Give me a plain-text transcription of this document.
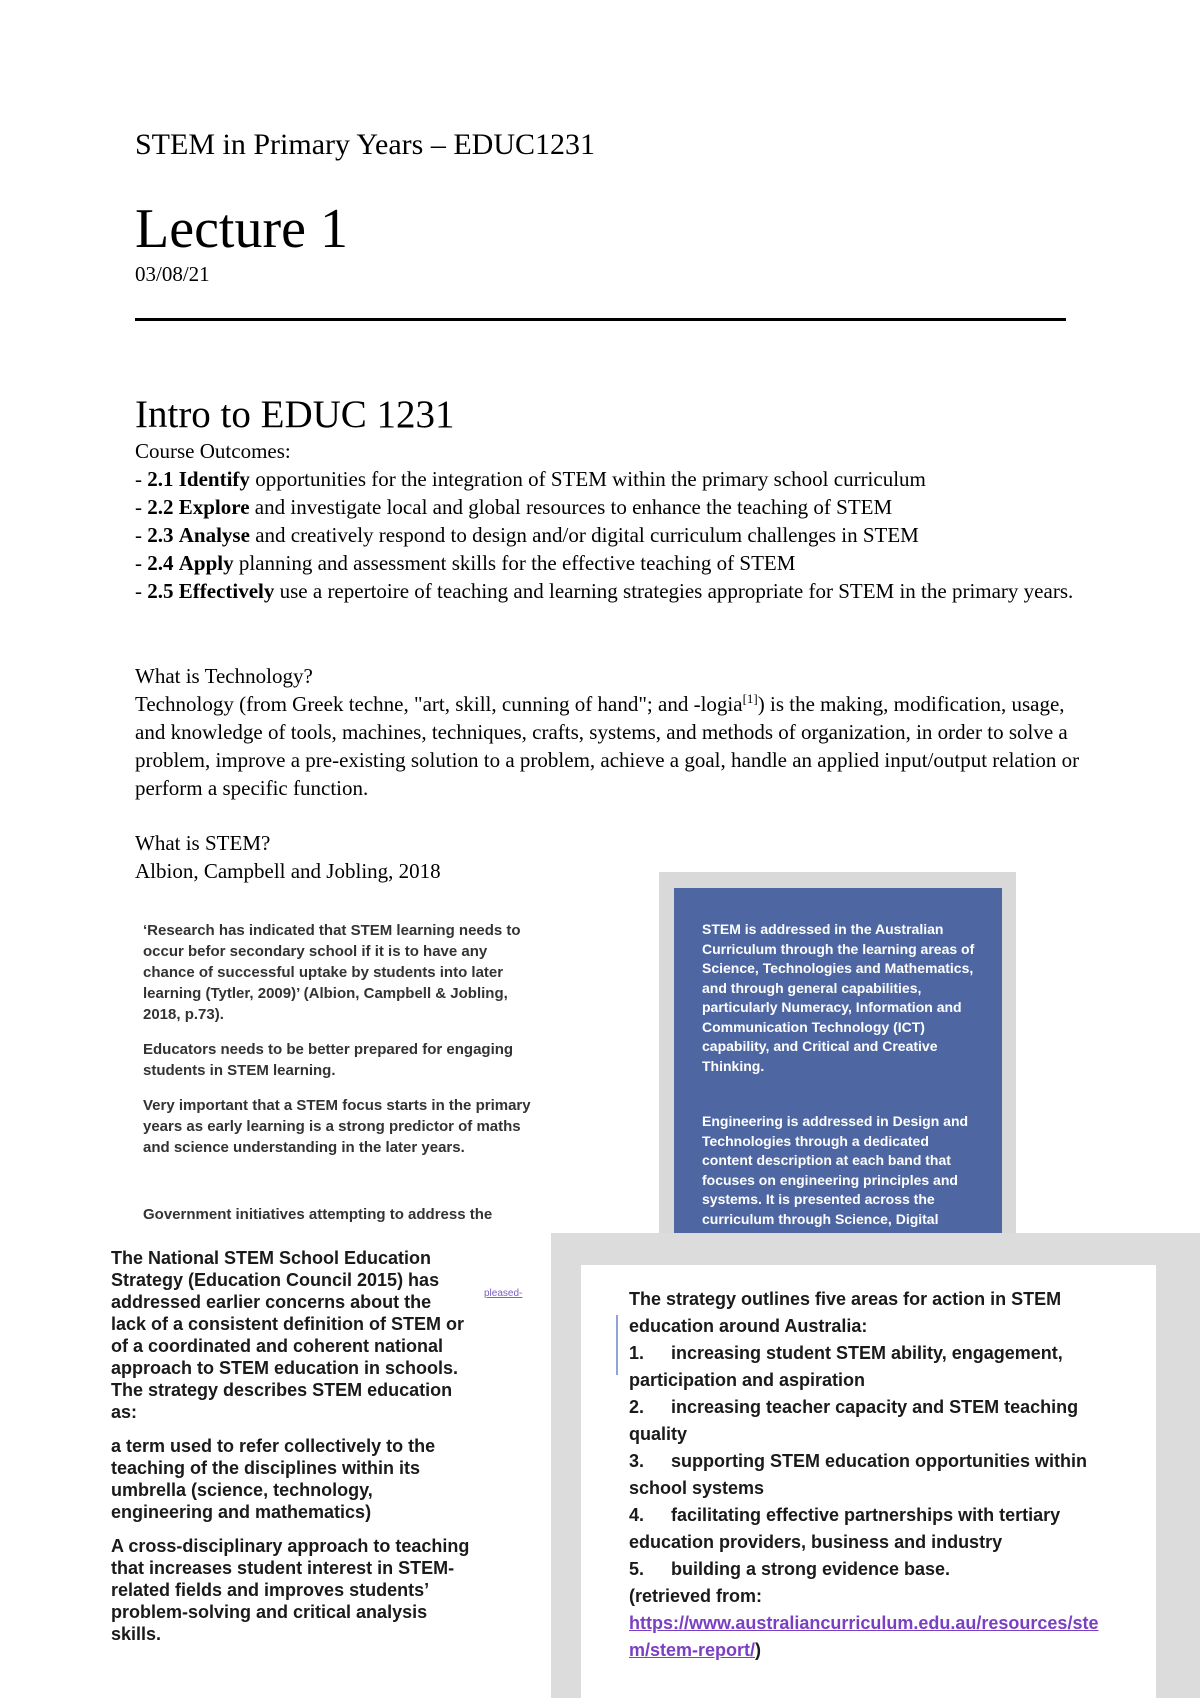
STEM in Primary Years – EDUC1231
Lecture 1
03/08/21
Intro to EDUC 1231

Course Outcomes:

- 2.1 Identify opportunities for the integration of STEM within the primary school curriculum

- 2.2 Explore and investigate local and global resources to enhance the teaching of STEM

- 2.3 Analyse and creatively respond to design and/or digital curriculum challenges in STEM

- 2.4 Apply planning and assessment skills for the effective teaching of STEM

- 2.5 Effectively use a repertoire of teaching and learning strategies appropriate for STEM in the primary years.

What is Technology?

Technology (from Greek techne, "art, skill, cunning of hand"; and -logia[1]) is the making, modification, usage, and knowledge of tools, machines, techniques, crafts, systems, and methods of organization, in order to solve a problem, improve a pre-existing solution to a problem, achieve a goal, handle an applied input/output relation or perform a specific function.

What is STEM?

Albion, Campbell and Jobling, 2018

‘Research has indicated that STEM learning needs to occur befor secondary school if it is to have any chance of successful uptake by students into later learning (Tytler, 2009)’ (Albion, Campbell & Jobling, 2018, p.73).

Educators needs to be better prepared for engaging students in STEM learning.

Very important that a STEM focus starts in the primary years as early learning is a strong predictor of maths and science understanding in the later years.

Government initiatives attempting to address the

STEM is addressed in the Australian Curriculum through the learning areas of Science, Technologies and Mathematics, and through general capabilities, particularly Numeracy, Information and Communication Technology (ICT) capability, and Critical and Creative Thinking.

Engineering is addressed in Design and Technologies through a dedicated content description at each band that focuses on engineering principles and systems. It is presented across the curriculum through Science, Digital

pleased-	The strategy outlines five areas for action in STEM education around Australia:

1. increasing student STEM ability, engagement, participation and aspiration

2. increasing teacher capacity and STEM teaching quality

3. supporting STEM education opportunities within school systems

4. facilitating effective partnerships with tertiary education providers, business and industry

5. building a strong evidence base.

(retrieved from:
https://www.australiancurriculum.edu.au/resources/stem/stem-report/)

The National STEM School Education Strategy (Education Council 2015) has addressed earlier concerns about the lack of a consistent definition of STEM or of a coordinated and coherent national approach to STEM education in schools. The strategy describes STEM education as:

a term used to refer collectively to the teaching of the disciplines within its umbrella (science, technology, engineering and mathematics)

A cross-disciplinary approach to teaching that increases student interest in STEM-related fields and improves students’ problem-solving and critical analysis skills.
